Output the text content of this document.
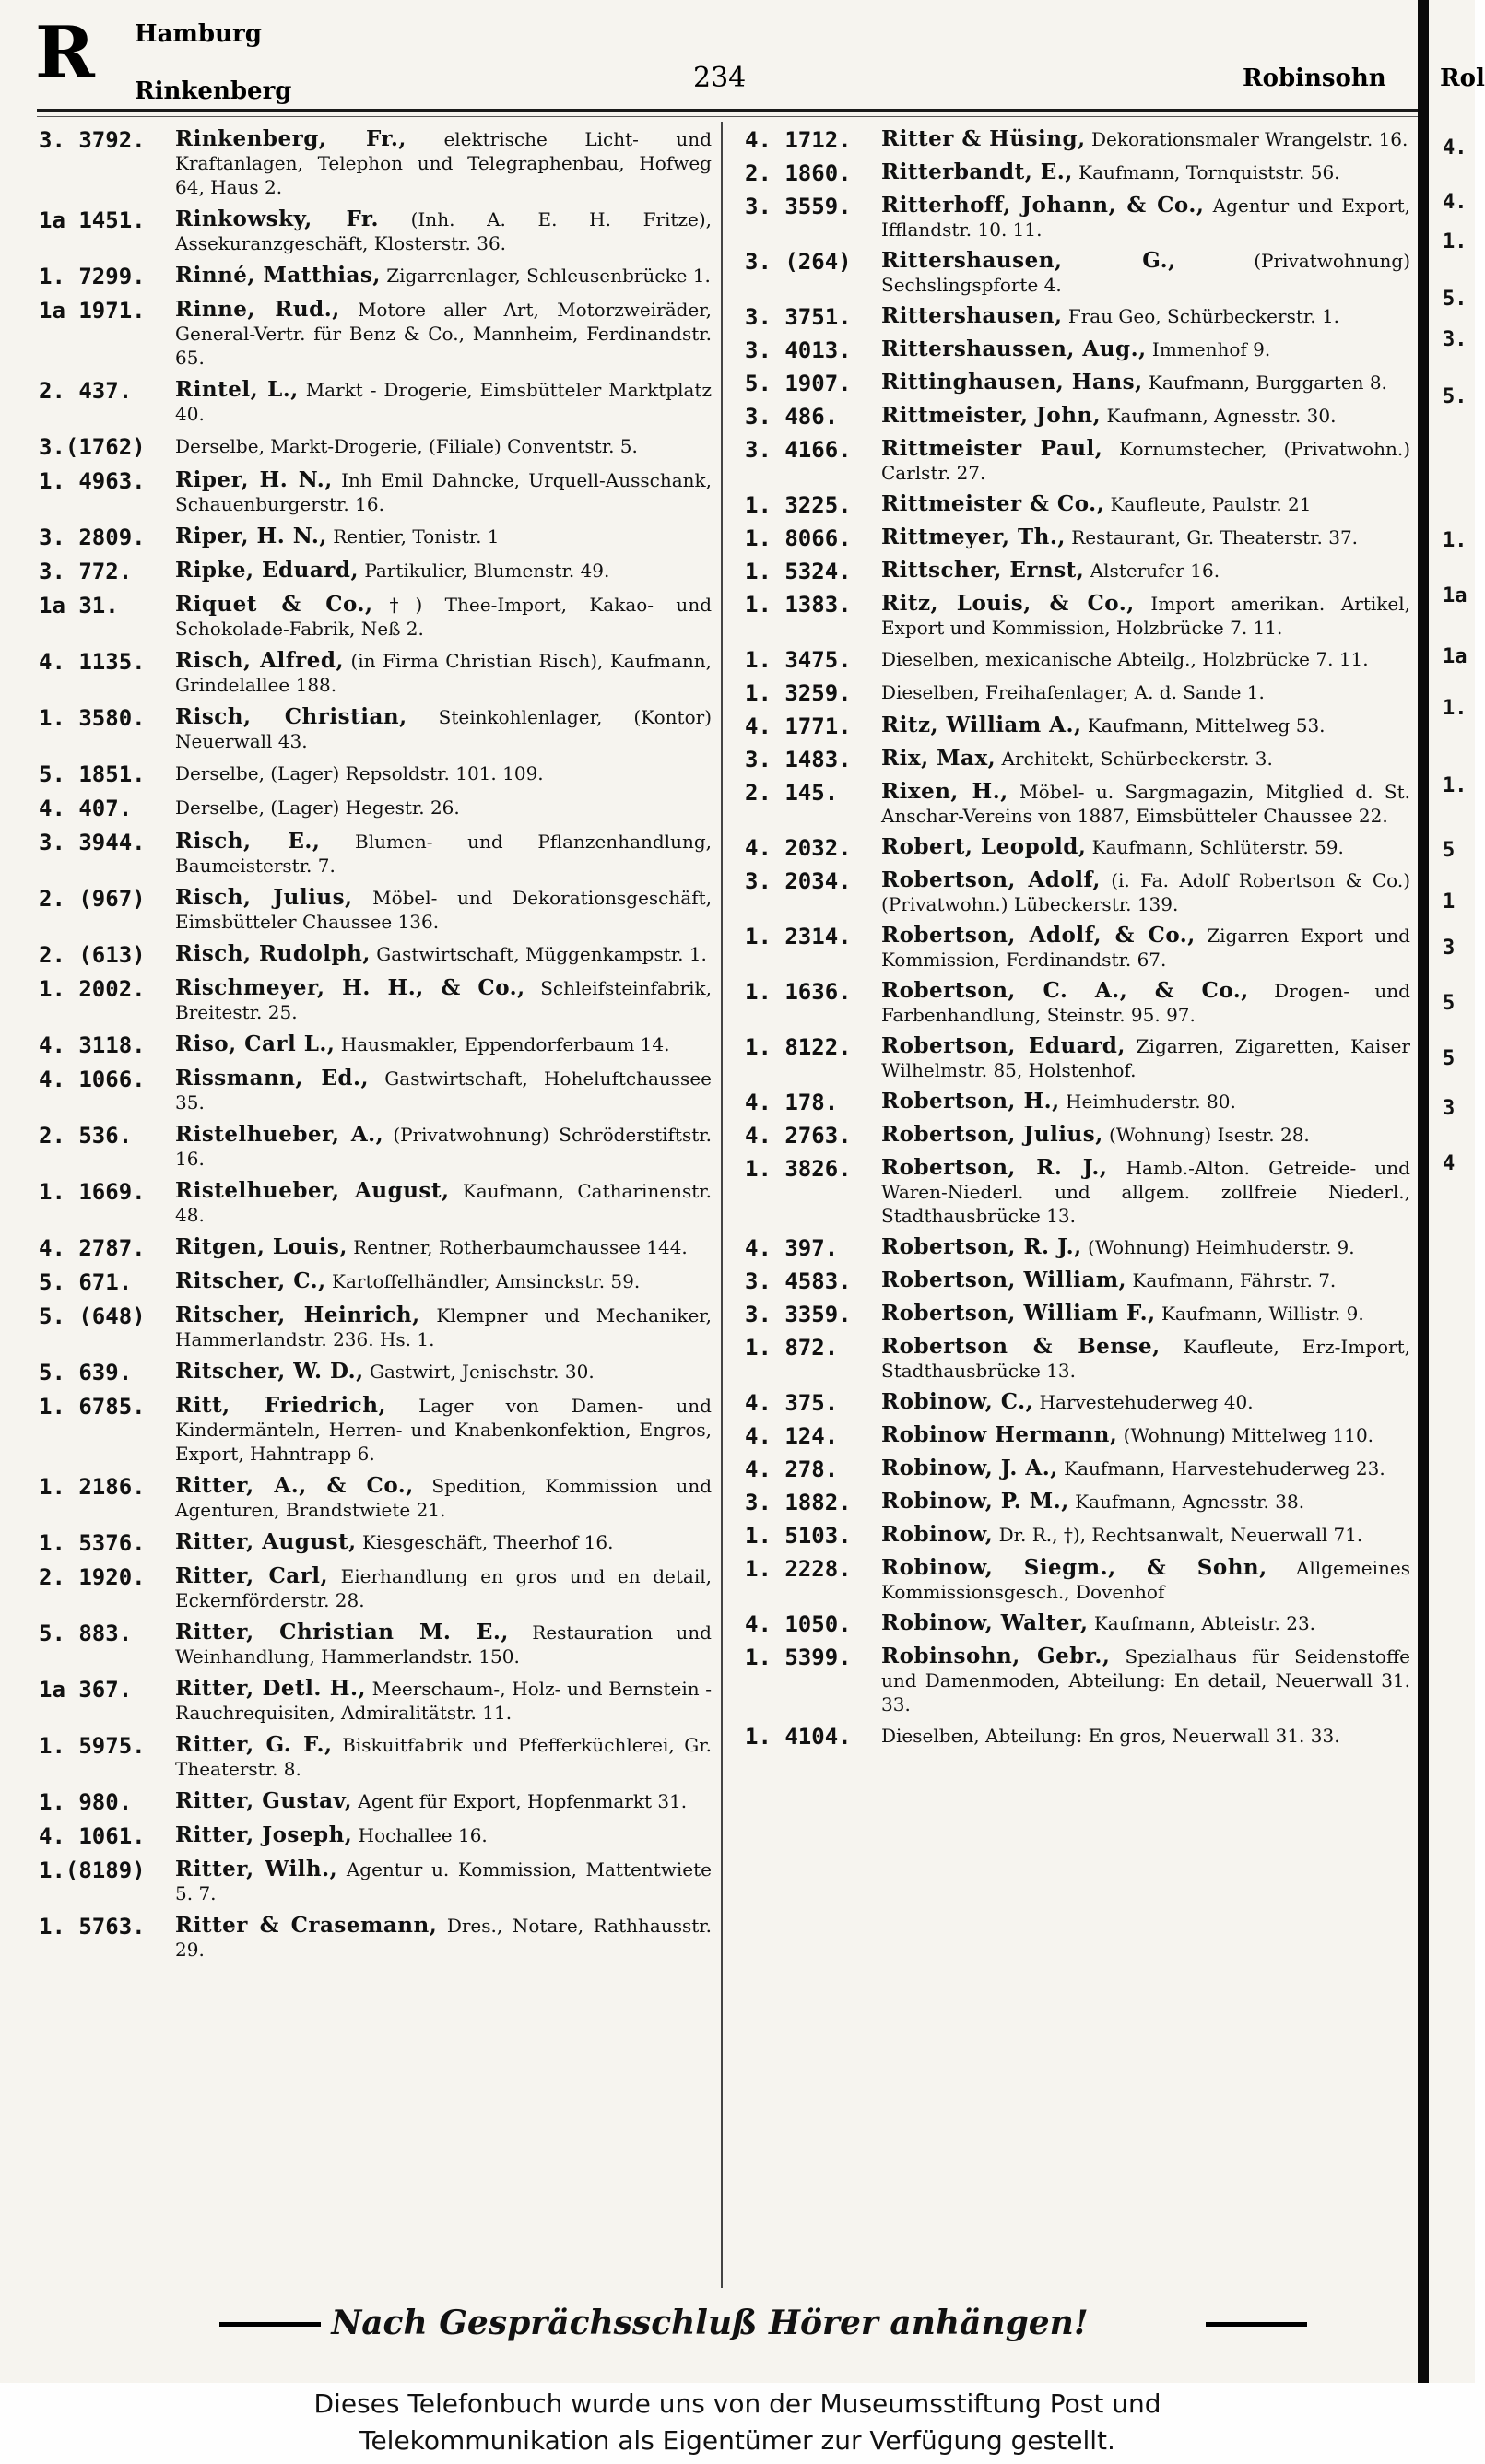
R Hamburg
Rinkenberg	234	Robinsohn Rol
3. 3792.	Rinkenberg, Fr., elektrische Licht- und Kraftanlagen, Telephon und Telegraphenbau, Hofweg 64, Haus 2.
1a 1451.	Rinkowsky, Fr. (Inh. A. E. H. Fritze), Assekuranzgeschäft, Klosterstr. 36.
1. 7299.	Rinné, Matthias, Zigarrenlager, Schleusenbrücke 1.
1a 1971.	Rinne, Rud., Motore aller Art, Motorzweiräder, General-Vertr. für Benz & Co., Mannheim, Ferdinandstr. 65.
2. 437.	Rintel, L., Markt - Drogerie, Eimsbütteler Marktplatz 40.
3.(1762)	Derselbe, Markt-Drogerie, (Filiale) Conventstr. 5.
1. 4963.	Riper, H. N., Inh Emil Dahncke, Urquell-Ausschank, Schauenburgerstr. 16.
3. 2809.	Riper, H. N., Rentier, Tonistr. 1
3. 772.	Ripke, Eduard, Partikulier, Blumenstr. 49.
1a 31.	Riquet & Co.,†) Thee-Import, Kakao- und Schokolade-Fabrik, Neß 2.
4. 1135.	Risch, Alfred, (in Firma Christian Risch), Kaufmann, Grindelallee 188.
1. 3580.	Risch, Christian, Steinkohlenlager, (Kontor) Neuerwall 43.
5. 1851.	Derselbe, (Lager) Repsoldstr. 101. 109.
4. 407.	Derselbe, (Lager) Hegestr. 26.
3. 3944.	Risch, E., Blumen- und Pflanzenhandlung, Baumeisterstr. 7.
2. (967)	Risch, Julius, Möbel- und Dekorationsgeschäft, Eimsbütteler Chaussee 136.
2. (613)	Risch, Rudolph, Gastwirtschaft, Müggenkampstr. 1.
1. 2002.	Rischmeyer, H. H., & Co., Schleifsteinfabrik, Breitestr. 25.
4. 3118.	Riso, Carl L., Hausmakler, Eppendorferbaum 14.
4. 1066.	Rissmann, Ed., Gastwirtschaft, Hoheluftchaussee 35.
2. 536.	Ristelhueber, A., (Privatwohnung) Schröderstiftstr. 16.
1. 1669.	Ristelhueber, August, Kaufmann, Catharinenstr. 48.
4. 2787.	Ritgen, Louis, Rentner, Rotherbaumchaussee 144.
5. 671.	Ritscher, C., Kartoffelhändler, Amsinckstr. 59.
5. (648)	Ritscher, Heinrich, Klempner und Mechaniker, Hammerlandstr. 236. Hs. 1.
5. 639.	Ritscher, W. D., Gastwirt, Jenischstr. 30.
1. 6785.	Ritt, Friedrich, Lager von Damen- und Kindermänteln, Herren- und Knabenkonfektion, Engros, Export, Hahntrapp 6.
1. 2186.	Ritter, A., & Co., Spedition, Kommission und Agenturen, Brandstwiete 21.
1. 5376.	Ritter, August, Kiesgeschäft, Theerhof 16.
2. 1920.	Ritter, Carl, Eierhandlung en gros und en detail, Eckernförderstr. 28.
5. 883.	Ritter, Christian M. E., Restauration und Weinhandlung, Hammerlandstr. 150.
1a 367.	Ritter, Detl. H., Meerschaum-, Holz- und Bernstein - Rauchrequisiten, Admiralitätstr. 11.
1. 5975.	Ritter, G. F., Biskuitfabrik und Pfefferküchlerei, Gr. Theaterstr. 8.
1. 980.	Ritter, Gustav, Agent für Export, Hopfenmarkt 31.
4. 1061.	Ritter, Joseph, Hochallee 16.
1.(8189)	Ritter, Wilh., Agentur u. Kommission, Mattentwiete 5. 7.
1. 5763.	Ritter & Crasemann, Dres., Notare, Rathhausstr. 29.
4. 1712.	Ritter & Hüsing, Dekorationsmaler Wrangelstr. 16.
2. 1860.	Ritterbandt, E., Kaufmann, Tornquiststr. 56.
3. 3559.	Ritterhoff, Johann, & Co., Agentur und Export, Ifflandstr. 10. 11.
3. (264)	Rittershausen, G., (Privatwohnung) Sechslingspforte 4.
3. 3751.	Rittershausen, Frau Geo, Schürbeckerstr. 1.
3. 4013.	Rittershaussen, Aug., Immenhof 9.
5. 1907.	Rittinghausen, Hans, Kaufmann, Burggarten 8.
3. 486.	Rittmeister, John, Kaufmann, Agnesstr. 30.
3. 4166.	Rittmeister Paul, Kornumstecher, (Privatwohn.) Carlstr. 27.
1. 3225.	Rittmeister & Co., Kaufleute, Paulstr. 21
1. 8066.	Rittmeyer, Th., Restaurant, Gr. Theaterstr. 37.
1. 5324.	Rittscher, Ernst, Alsterufer 16.
1. 1383.	Ritz, Louis, & Co., Import amerikan. Artikel, Export und Kommission, Holzbrücke 7. 11.
1. 3475.	Dieselben, mexicanische Abteilg., Holzbrücke 7. 11.
1. 3259.	Dieselben, Freihafenlager, A. d. Sande 1.
4. 1771.	Ritz, William A., Kaufmann, Mittelweg 53.
3. 1483.	Rix, Max, Architekt, Schürbeckerstr. 3.
2. 145.	Rixen, H., Möbel- u. Sargmagazin, Mitglied d. St. Anschar-Vereins von 1887, Eimsbütteler Chaussee 22.
4. 2032.	Robert, Leopold, Kaufmann, Schlüterstr. 59.
3. 2034.	Robertson, Adolf, (i. Fa. Adolf Robertson & Co.) (Privatwohn.) Lübeckerstr. 139.
1. 2314.	Robertson, Adolf, & Co., Zigarren Export und Kommission, Ferdinandstr. 67.
1. 1636.	Robertson, C. A., & Co., Drogen- und Farbenhandlung, Steinstr. 95. 97.
1. 8122.	Robertson, Eduard, Zigarren, Zigaretten, Kaiser Wilhelmstr. 85, Holstenhof.
4. 178.	Robertson, H., Heimhuderstr. 80.
4. 2763.	Robertson, Julius, (Wohnung) Isestr. 28.
1. 3826.	Robertson, R. J., Hamb.-Alton. Getreide- und Waren-Niederl. und allgem. zollfreie Niederl., Stadthausbrücke 13.
4. 397.	Robertson, R. J., (Wohnung) Heimhuderstr. 9.
3. 4583.	Robertson, William, Kaufmann, Fährstr. 7.
3. 3359.	Robertson, William F., Kaufmann, Willistr. 9.
1. 872.	Robertson & Bense, Kaufleute, Erz-Import, Stadthausbrücke 13.
4. 375.	Robinow, C., Harvestehuderweg 40.
4. 124.	Robinow Hermann, (Wohnung) Mittelweg 110.
4. 278.	Robinow, J. A., Kaufmann, Harvestehuderweg 23.
3. 1882.	Robinow, P. M., Kaufmann, Agnesstr. 38.
1. 5103.	Robinow, Dr. R., †), Rechtsanwalt, Neuerwall 71.
1. 2228.	Robinow, Siegm., & Sohn, Allgemeines Kommissionsgesch., Dovenhof
4. 1050.	Robinow, Walter, Kaufmann, Abteistr. 23.
1. 5399.	Robinsohn, Gebr., Spezialhaus für Seidenstoffe und Damenmoden, Abteilung: En detail, Neuerwall 31. 33.
1. 4104.	Dieselben, Abteilung: En gros, Neuerwall 31. 33.
4.
4.
1.
5.
3.
5.
1.
1a
1a
1.
1.
5
1
3
5
5
3
4
Nach Gesprächsschluß Hörer anhängen!
Dieses Telefonbuch wurde uns von der Museumsstiftung Post und
Telekommunikation als Eigentümer zur Verfügung gestellt.
